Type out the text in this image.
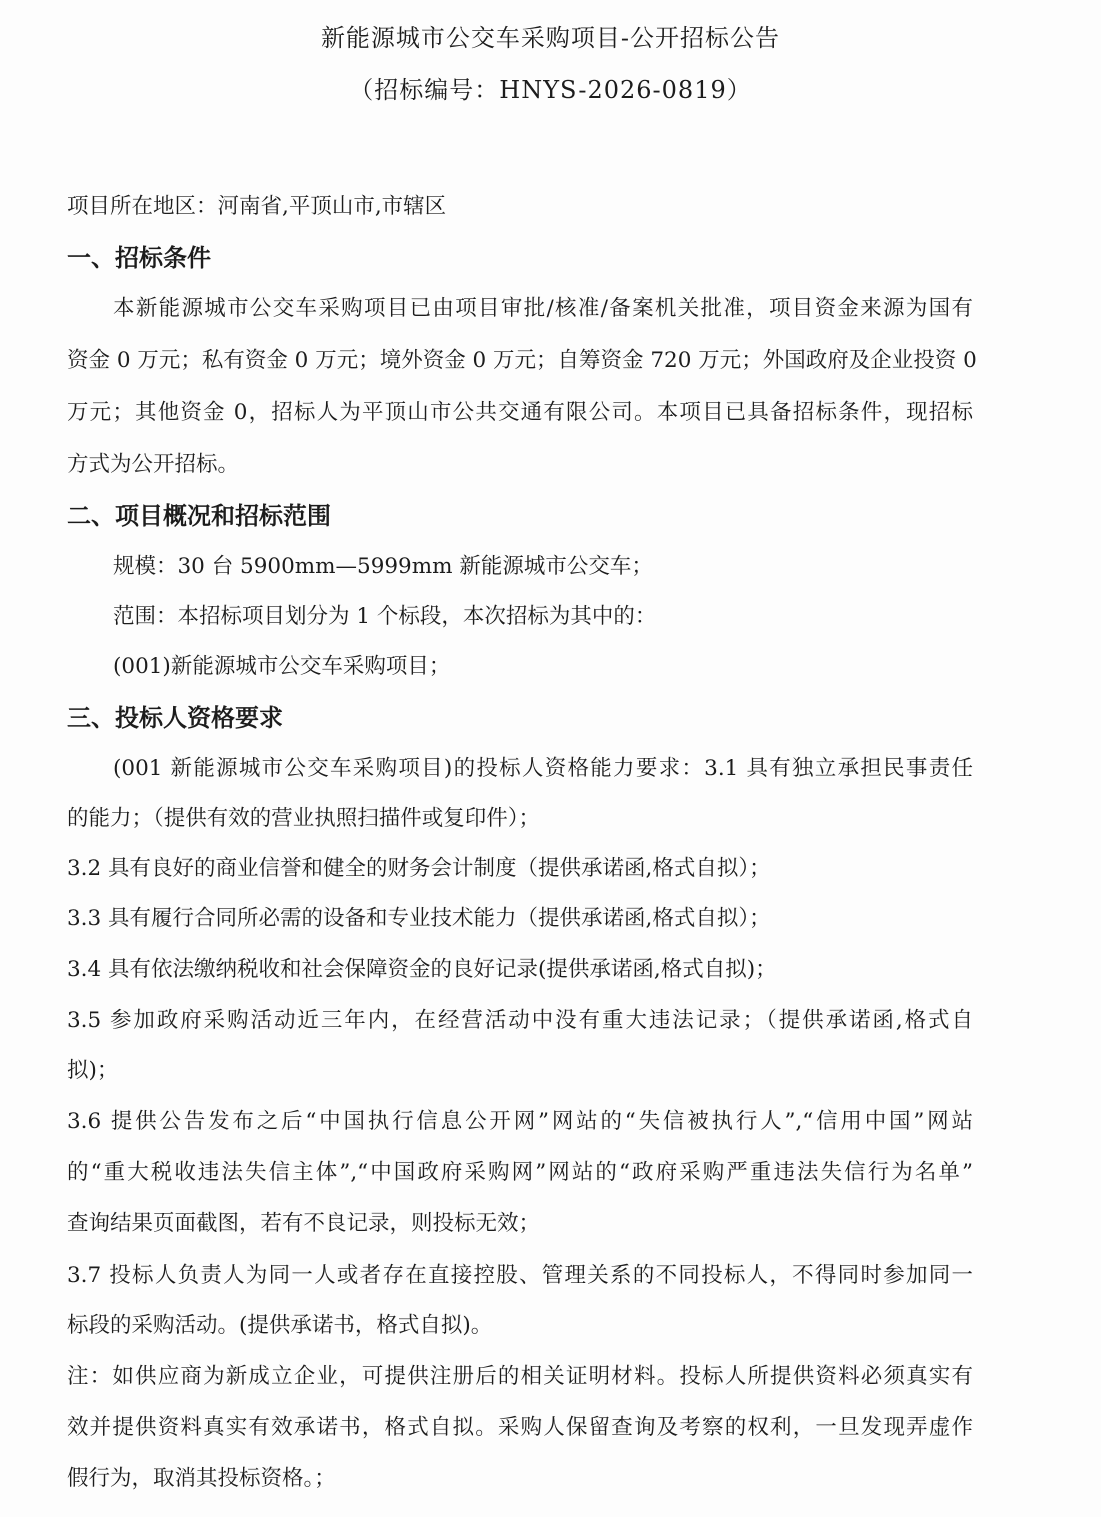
新能源城市公交车采购项目-公开招标公告
（招标编号：HNYS-2026-0819）
项目所在地区：河南省,平顶山市,市辖区
一、招标条件
本新能源城市公交车采购项目已由项目审批/核准/备案机关批准，项目资金来源为国有
资金 0 万元；私有资金 0 万元；境外资金 0 万元；自筹资金 720 万元；外国政府及企业投资 0
万元；其他资金 0，招标人为平顶山市公共交通有限公司。本项目已具备招标条件，现招标
方式为公开招标。
二、项目概况和招标范围
规模：30 台 5900mm—5999mm 新能源城市公交车；
范围：本招标项目划分为 1 个标段，本次招标为其中的：
(001)新能源城市公交车采购项目；
三、投标人资格要求
(001 新能源城市公交车采购项目)的投标人资格能力要求：3.1 具有独立承担民事责任
的能力；（提供有效的营业执照扫描件或复印件）；
3.2 具有良好的商业信誉和健全的财务会计制度（提供承诺函,格式自拟）；
3.3 具有履行合同所必需的设备和专业技术能力（提供承诺函,格式自拟）；
3.4 具有依法缴纳税收和社会保障资金的良好记录(提供承诺函,格式自拟)；
3.5 参加政府采购活动近三年内，在经营活动中没有重大违法记录；（提供承诺函,格式自
拟)；
3.6 提供公告发布之后“中国执行信息公开网”网站的“失信被执行人”,“信用中国”网站
的“重大税收违法失信主体”,“中国政府采购网”网站的“政府采购严重违法失信行为名单”
查询结果页面截图，若有不良记录，则投标无效；
3.7 投标人负责人为同一人或者存在直接控股、管理关系的不同投标人，不得同时参加同一
标段的采购活动。(提供承诺书，格式自拟)。
注：如供应商为新成立企业，可提供注册后的相关证明材料。投标人所提供资料必须真实有
效并提供资料真实有效承诺书，格式自拟。采购人保留查询及考察的权利，一旦发现弄虚作
假行为，取消其投标资格。；
